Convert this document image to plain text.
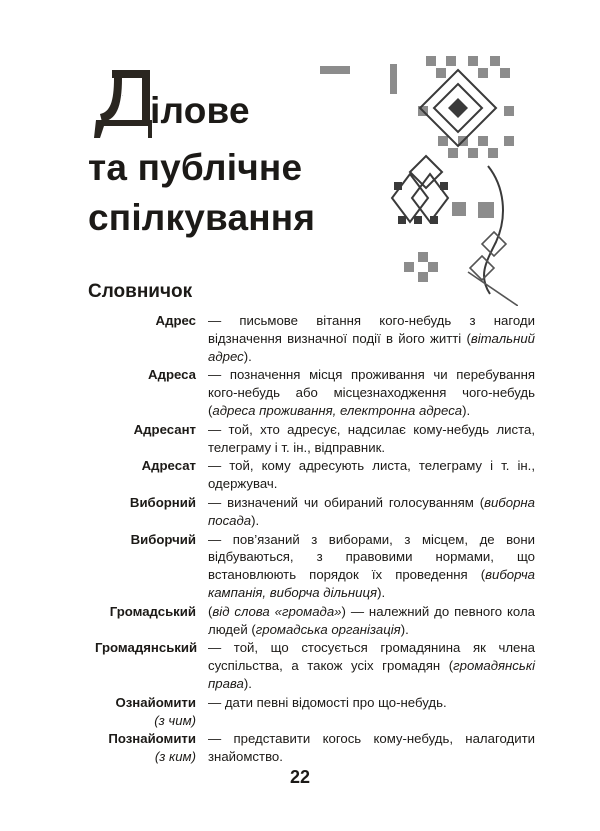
Д ілове
та публічне
спілкування
Словничок
Адрес — письмове вітання кого-небудь з нагоди відзначення визначної події в його житті (вітальний адрес).
Адреса — позначення місця проживання чи перебування кого-небудь або місцезнаходження чого-небудь (адреса проживання, електронна адреса).
Адресант — той, хто адресує, надсилає кому-небудь листа, телеграму і т. ін., відправник.
Адресат — той, кому адресують листа, телеграму і т. ін., одержувач.
Виборний — визначений чи обираний голосуванням (виборна посада).
Виборчий — пов’язаний з виборами, з місцем, де вони відбуваються, з правовими нормами, що встановлюють порядок їх проведення (виборча кампанія, виборча дільниця).
Громадський (від слова «громада») — належний до певного кола людей (громадська організація).
Громадянський — той, що стосується громадянина як члена суспільства, а також усіх громадян (громадянські права).
Ознайомити
(з чим)
— дати певні відомості про що-небудь.
Познайомити
(з ким)
— представити когось кому-небудь, налагодити знайомство.
22
